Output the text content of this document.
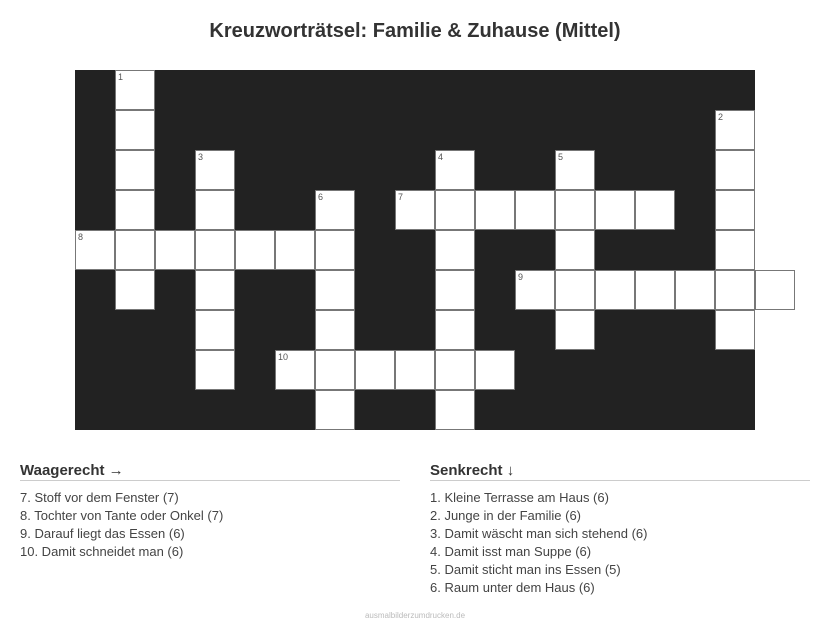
Kreuzworträtsel: Familie & Zuhause (Mittel)
1
2
3	4	5
6	7
8
9
10
Waagerecht →
7. Stoff vor dem Fenster (7)
8. Tochter von Tante oder Onkel (7)
9. Darauf liegt das Essen (6)
10. Damit schneidet man (6)
Senkrecht ↓
1. Kleine Terrasse am Haus (6)
2. Junge in der Familie (6)
3. Damit wäscht man sich stehend (6)
4. Damit isst man Suppe (6)
5. Damit sticht man ins Essen (5)
6. Raum unter dem Haus (6)
ausmalbilderzumdrucken.de
